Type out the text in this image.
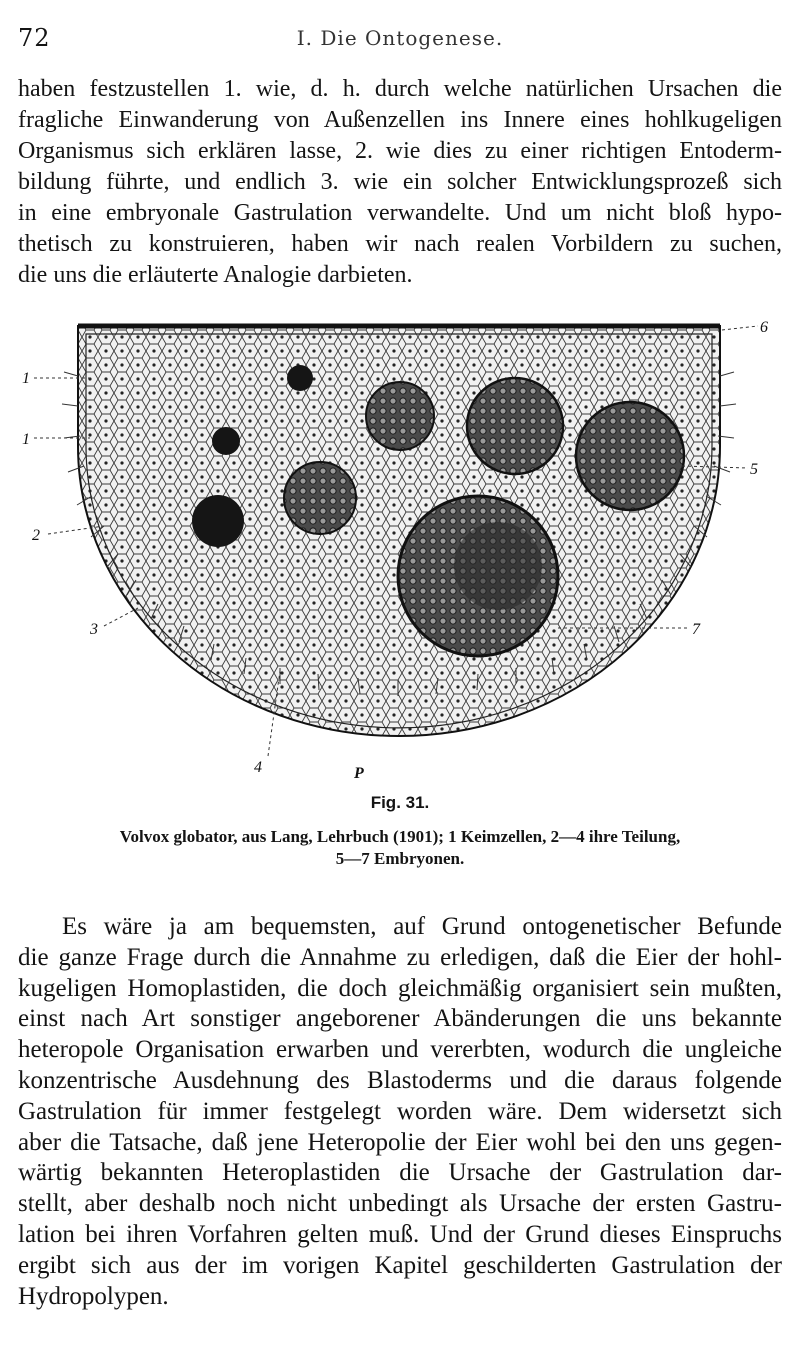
72	I. Die Ontogenese.
haben festzustellen 1. wie, d. h. durch welche natürlichen Ursachen die
fragliche Einwanderung von Außenzellen ins Innere eines hohlkugeligen
Organismus sich erklären lasse, 2. wie dies zu einer richtigen Entoderm-
bildung führte, und endlich 3. wie ein solcher Entwicklungsprozeß sich
in eine embryonale Gastrulation verwandelte. Und um nicht bloß hypo-
thetisch zu konstruieren, haben wir nach realen Vorbildern zu suchen,
die uns die erläuterte Analogie darbieten.
1
1
2
3
4
5
6
7
P
Fig. 31.
Volvox globator, aus Lang, Lehrbuch (1901); 1 Keimzellen, 2—4 ihre Teilung,
5—7 Embryonen.
Es wäre ja am bequemsten, auf Grund ontogenetischer Befunde
die ganze Frage durch die Annahme zu erledigen, daß die Eier der hohl-
kugeligen Homoplastiden, die doch gleichmäßig organisiert sein mußten,
einst nach Art sonstiger angeborener Abänderungen die uns bekannte
heteropole Organisation erwarben und vererbten, wodurch die ungleiche
konzentrische Ausdehnung des Blastoderms und die daraus folgende
Gastrulation für immer festgelegt worden wäre. Dem widersetzt sich
aber die Tatsache, daß jene Heteropolie der Eier wohl bei den uns gegen-
wärtig bekannten Heteroplastiden die Ursache der Gastrulation dar-
stellt, aber deshalb noch nicht unbedingt als Ursache der ersten Gastru-
lation bei ihren Vorfahren gelten muß. Und der Grund dieses Einspruchs
ergibt sich aus der im vorigen Kapitel geschilderten Gastrulation der
Hydropolypen.
